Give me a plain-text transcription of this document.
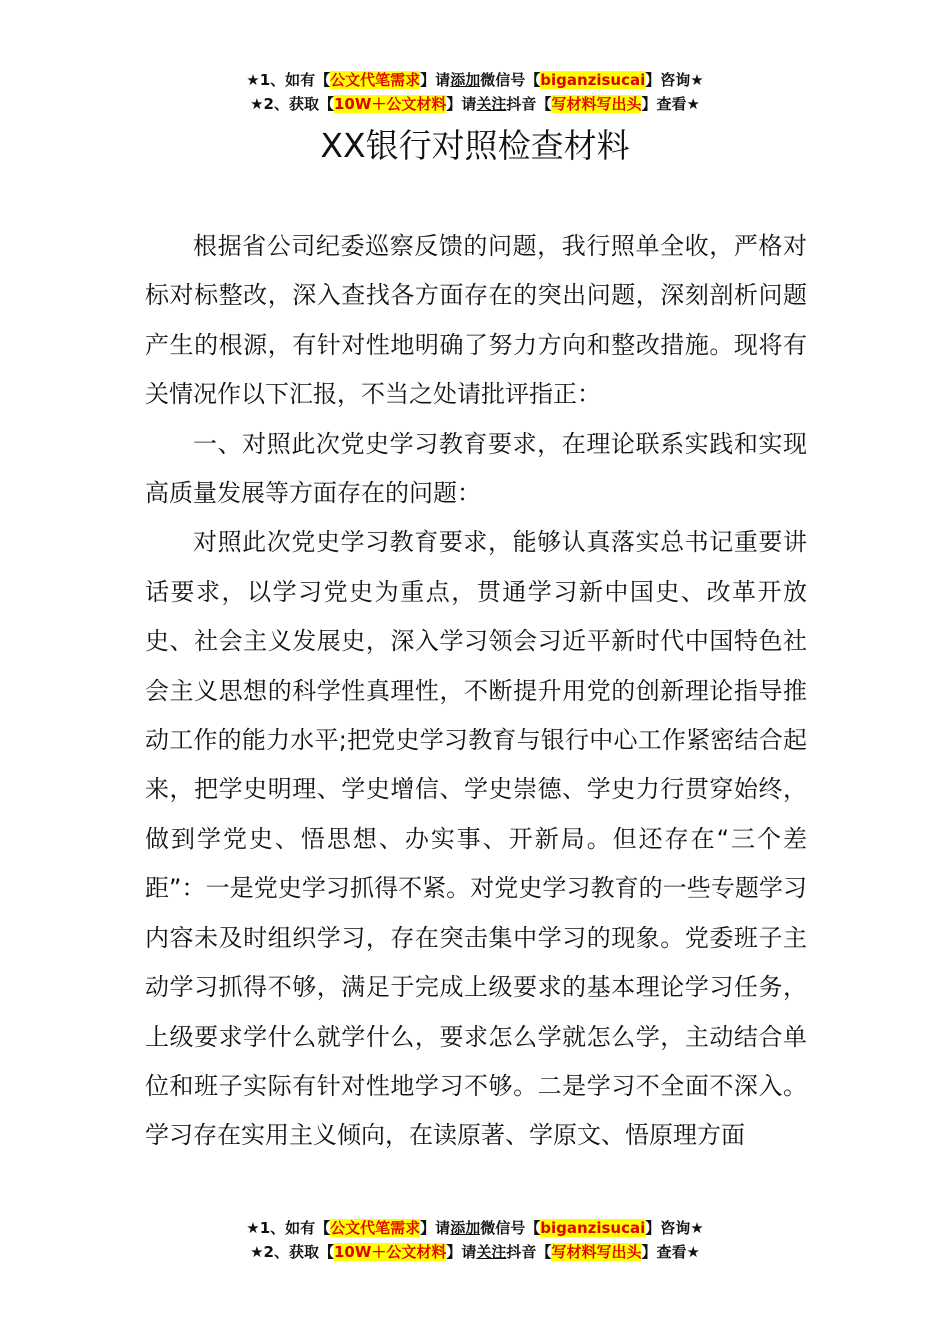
★1、如有【公文代笔需求】请添加微信号【biganzisucai】咨询★
★2、获取【10W＋公文材料】请关注抖音【写材料写出头】查看★
XX银行对照检查材料

根据省公司纪委巡察反馈的问题，我行照单全收，严格对标对标整改，深入查找各方面存在的突出问题，深刻剖析问题产生的根源，有针对性地明确了努力方向和整改措施。现将有关情况作以下汇报，不当之处请批评指正：

一、对照此次党史学习教育要求，在理论联系实践和实现高质量发展等方面存在的问题：

对照此次党史学习教育要求，能够认真落实总书记重要讲话要求，以学习党史为重点，贯通学习新中国史、改革开放史、社会主义发展史，深入学习领会习近平新时代中国特色社会主义思想的科学性真理性，不断提升用党的创新理论指导推动工作的能力水平;把党史学习教育与银行中心工作紧密结合起来，把学史明理、学史增信、学史崇德、学史力行贯穿始终，做到学党史、悟思想、办实事、开新局。但还存在“三个差距”：一是党史学习抓得不紧。对党史学习教育的一些专题学习内容未及时组织学习，存在突击集中学习的现象。党委班子主动学习抓得不够，满足于完成上级要求的基本理论学习任务，上级要求学什么就学什么，要求怎么学就怎么学，主动结合单位和班子实际有针对性地学习不够。二是学习不全面不深入。学习存在实用主义倾向，在读原著、学原文、悟原理方面

★1、如有【公文代笔需求】请添加微信号【biganzisucai】咨询★
★2、获取【10W＋公文材料】请关注抖音【写材料写出头】查看★
